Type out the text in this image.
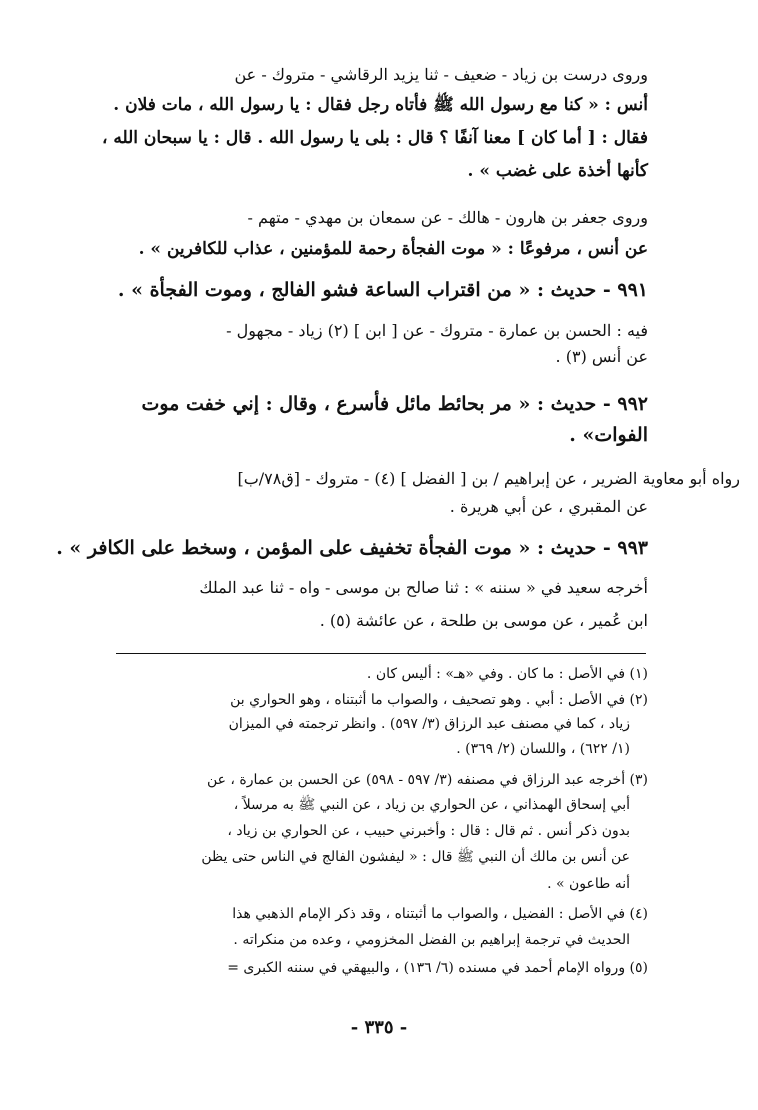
وروى درست بن زياد - ضعيف - ثنا يزيد الرقاشي - متروك - عن
أنس : « كنا مع رسول الله ﷺ فأتاه رجل فقال : يا رسول الله ، مات فلان .
فقال : [ أما كان ] معنا آنفًا ؟ قال : بلى يا رسول الله . قال : يا سبحان الله ،
كأنها أخذة على غضب » .
وروى جعفر بن هارون - هالك - عن سمعان بن مهدي - متهم -
عن أنس ، مرفوعًا : « موت الفجأة رحمة للمؤمنين ، عذاب للكافرين » .
٩٩١ - حديث : « من اقتراب الساعة فشو الفالج ، وموت الفجأة » .
فيه : الحسن بن عمارة - متروك - عن [ ابن ] (٢) زياد - مجهول -
عن أنس (٣) .
٩٩٢ - حديث : « مر بحائط مائل فأسرع ، وقال : إني خفت موت
الفوات» .
رواه أبو معاوية الضرير ، عن إبراهيم / بن [ الفضل ] (٤) - متروك - [ق٧٨/ب]
عن المقبري ، عن أبي هريرة .
٩٩٣ - حديث : « موت الفجأة تخفيف على المؤمن ، وسخط على الكافر » .
أخرجه سعيد في « سننه » : ثنا صالح بن موسى - واه - ثنا عبد الملك
ابن عُمير ، عن موسى بن طلحة ، عن عائشة (٥) .
(١) في الأصل : ما كان . وفي «هـ» : أليس كان .
(٢) في الأصل : أبي . وهو تصحيف ، والصواب ما أثبتناه ، وهو الحواري بن
زياد ، كما في مصنف عبد الرزاق (٣/ ٥٩٧) . وانظر ترجمته في الميزان
(١/ ٦٢٢) ، واللسان (٢/ ٣٦٩) .
(٣) أخرجه عبد الرزاق في مصنفه (٣/ ٥٩٧ - ٥٩٨) عن الحسن بن عمارة ، عن
أبي إسحاق الهمذاني ، عن الحواري بن زياد ، عن النبي ﷺ به مرسلاً ،
بدون ذكر أنس . ثم قال : قال : وأخبرني حبيب ، عن الحواري بن زياد ،
عن أنس بن مالك أن النبي ﷺ قال : « ليفشون الفالج في الناس حتى يظن
أنه طاعون » .
(٤) في الأصل : الفضيل ، والصواب ما أثبتناه ، وقد ذكر الإمام الذهبي هذا
الحديث في ترجمة إبراهيم بن الفضل المخزومي ، وعده من منكراته .
(٥) ورواه الإمام أحمد في مسنده (٦/ ١٣٦) ، والبيهقي في سننه الكبرى =
- ٣٣٥ -
